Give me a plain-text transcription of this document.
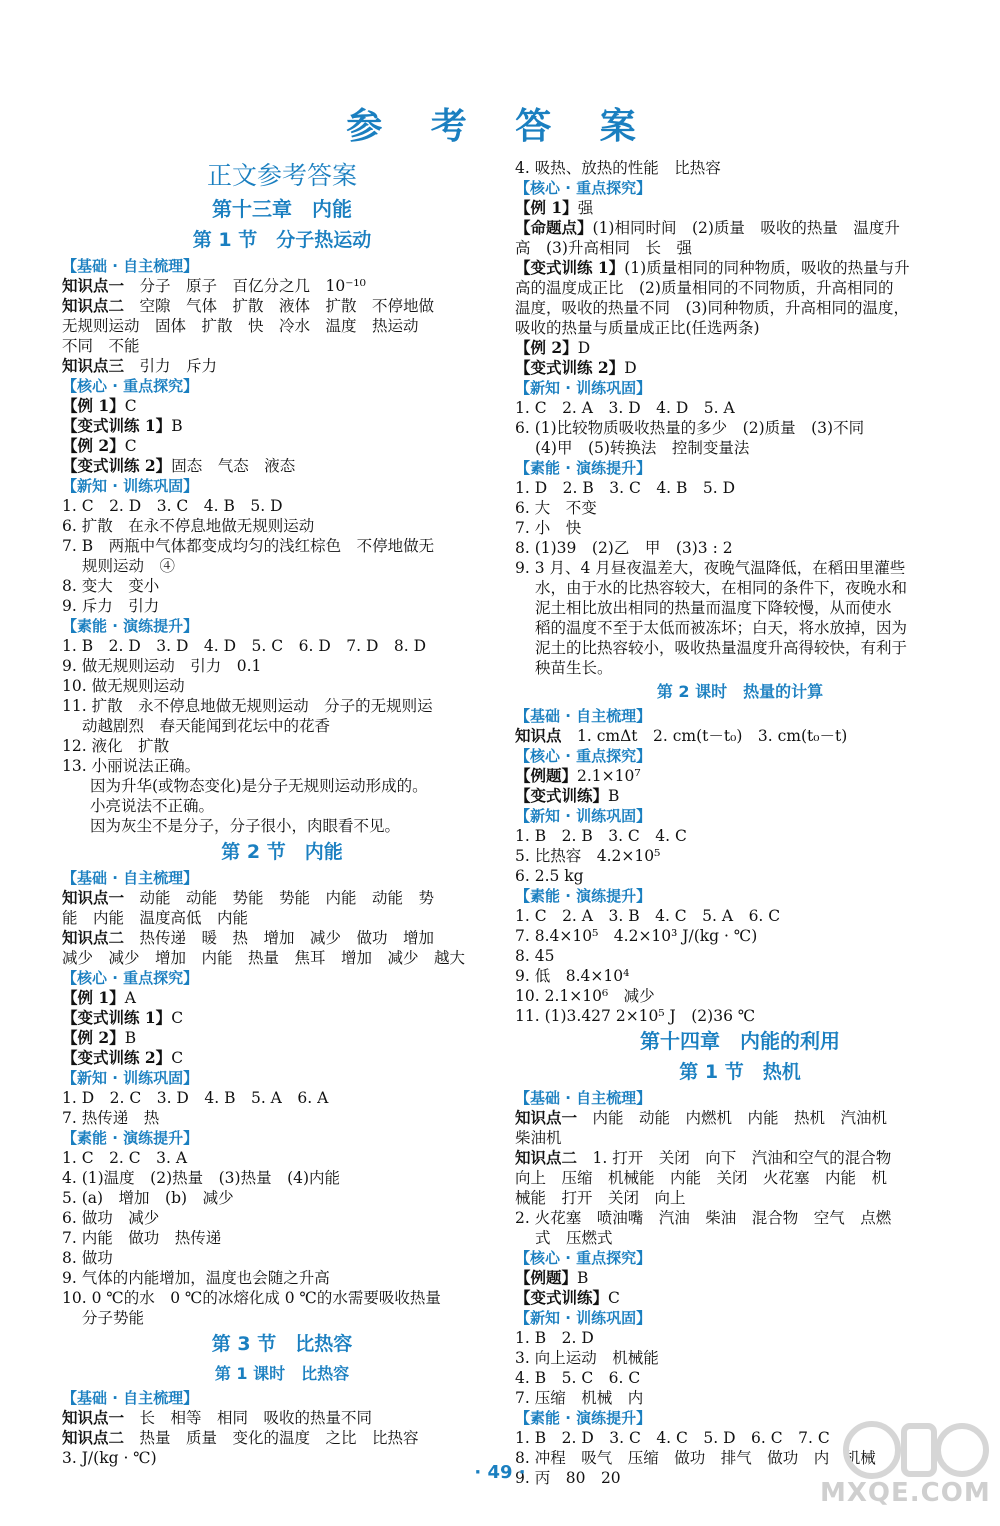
参 考 答 案
正文参考答案
第十三章　内能
第 1 节　分子热运动
【基础 · 自主梳理】
知识点一　分子　原子　百亿分之几　10⁻¹⁰
知识点二　空隙　气体　扩散　液体　扩散　不停地做
无规则运动　固体　扩散　快　冷水　温度　热运动
不同　不能
知识点三　引力　斥力
【核心 · 重点探究】
【例 1】C
【变式训练 1】B
【例 2】C
【变式训练 2】固态　气态　液态
【新知 · 训练巩固】
1. C　2. D　3. C　4. B　5. D
6. 扩散　在永不停息地做无规则运动
7. B　两瓶中气体都变成均匀的浅红棕色　不停地做无
规则运动　④
8. 变大　变小
9. 斥力　引力
【素能 · 演练提升】
1. B　2. D　3. D　4. D　5. C　6. D　7. D　8. D
9. 做无规则运动　引力　0.1
10. 做无规则运动
11. 扩散　永不停息地做无规则运动　分子的无规则运
动越剧烈　春天能闻到花坛中的花香
12. 液化　扩散
13. 小丽说法正确。
因为升华(或物态变化)是分子无规则运动形成的。
小亮说法不正确。
因为灰尘不是分子，分子很小，肉眼看不见。
第 2 节　内能
【基础 · 自主梳理】
知识点一　动能　动能　势能　势能　内能　动能　势
能　内能　温度高低　内能
知识点二　热传递　暖　热　增加　减少　做功　增加
减少　减少　增加　内能　热量　焦耳　增加　减少　越大
【核心 · 重点探究】
【例 1】A
【变式训练 1】C
【例 2】B
【变式训练 2】C
【新知 · 训练巩固】
1. D　2. C　3. D　4. B　5. A　6. A
7. 热传递　热
【素能 · 演练提升】
1. C　2. C　3. A
4. (1)温度　(2)热量　(3)热量　(4)内能
5. (a)　增加　(b)　减少
6. 做功　减少
7. 内能　做功　热传递
8. 做功
9. 气体的内能增加，温度也会随之升高
10. 0 ℃的水　0 ℃的冰熔化成 0 ℃的水需要吸收热量
分子势能
第 3 节　比热容
第 1 课时　比热容
【基础 · 自主梳理】
知识点一　长　相等　相同　吸收的热量不同
知识点二　热量　质量　变化的温度　之比　比热容
3. J/(kg · ℃)
4. 吸热、放热的性能　比热容
【核心 · 重点探究】
【例 1】强
【命题点】(1)相同时间　(2)质量　吸收的热量　温度升
高　(3)升高相同　长　强
【变式训练 1】(1)质量相同的同种物质，吸收的热量与升
高的温度成正比　(2)质量相同的不同物质，升高相同的
温度，吸收的热量不同　(3)同种物质，升高相同的温度，
吸收的热量与质量成正比(任选两条)
【例 2】D
【变式训练 2】D
【新知 · 训练巩固】
1. C　2. A　3. D　4. D　5. A
6. (1)比较物质吸收热量的多少　(2)质量　(3)不同
(4)甲　(5)转换法　控制变量法
【素能 · 演练提升】
1. D　2. B　3. C　4. B　5. D
6. 大　不变
7. 小　快
8. (1)39　(2)乙　甲　(3)3 : 2
9. 3 月、4 月昼夜温差大，夜晚气温降低，在稻田里灌些
水，由于水的比热容较大，在相同的条件下，夜晚水和
泥土相比放出相同的热量而温度下降较慢，从而使水
稻的温度不至于太低而被冻坏；白天，将水放掉，因为
泥土的比热容较小，吸收热量温度升高得较快，有利于
秧苗生长。
第 2 课时　热量的计算
【基础 · 自主梳理】
知识点　1. cmΔt　2. cm(t－t₀)　3. cm(t₀－t)
【核心 · 重点探究】
【例题】2.1×10⁷
【变式训练】B
【新知 · 训练巩固】
1. B　2. B　3. C　4. C
5. 比热容　4.2×10⁵
6. 2.5 kg
【素能 · 演练提升】
1. C　2. A　3. B　4. C　5. A　6. C
7. 8.4×10⁵　4.2×10³ J/(kg · ℃)
8. 45
9. 低　8.4×10⁴
10. 2.1×10⁶　减少
11. (1)3.427 2×10⁵ J　(2)36 ℃
第十四章　内能的利用
第 1 节　热机
【基础 · 自主梳理】
知识点一　内能　动能　内燃机　内能　热机　汽油机
柴油机
知识点二　1. 打开　关闭　向下　汽油和空气的混合物
向上　压缩　机械能　内能　关闭　火花塞　内能　机
械能　打开　关闭　向上
2. 火花塞　喷油嘴　汽油　柴油　混合物　空气　点燃
式　压燃式
【核心 · 重点探究】
【例题】B
【变式训练】C
【新知 · 训练巩固】
1. B　2. D
3. 向上运动　机械能
4. B　5. C　6. C
7. 压缩　机械　内
【素能 · 演练提升】
1. B　2. D　3. C　4. C　5. D　6. C　7. C
8. 冲程　吸气　压缩　做功　排气　做功　内　机械
9. 丙　80　20
· 49 ·
MXQE.COM
